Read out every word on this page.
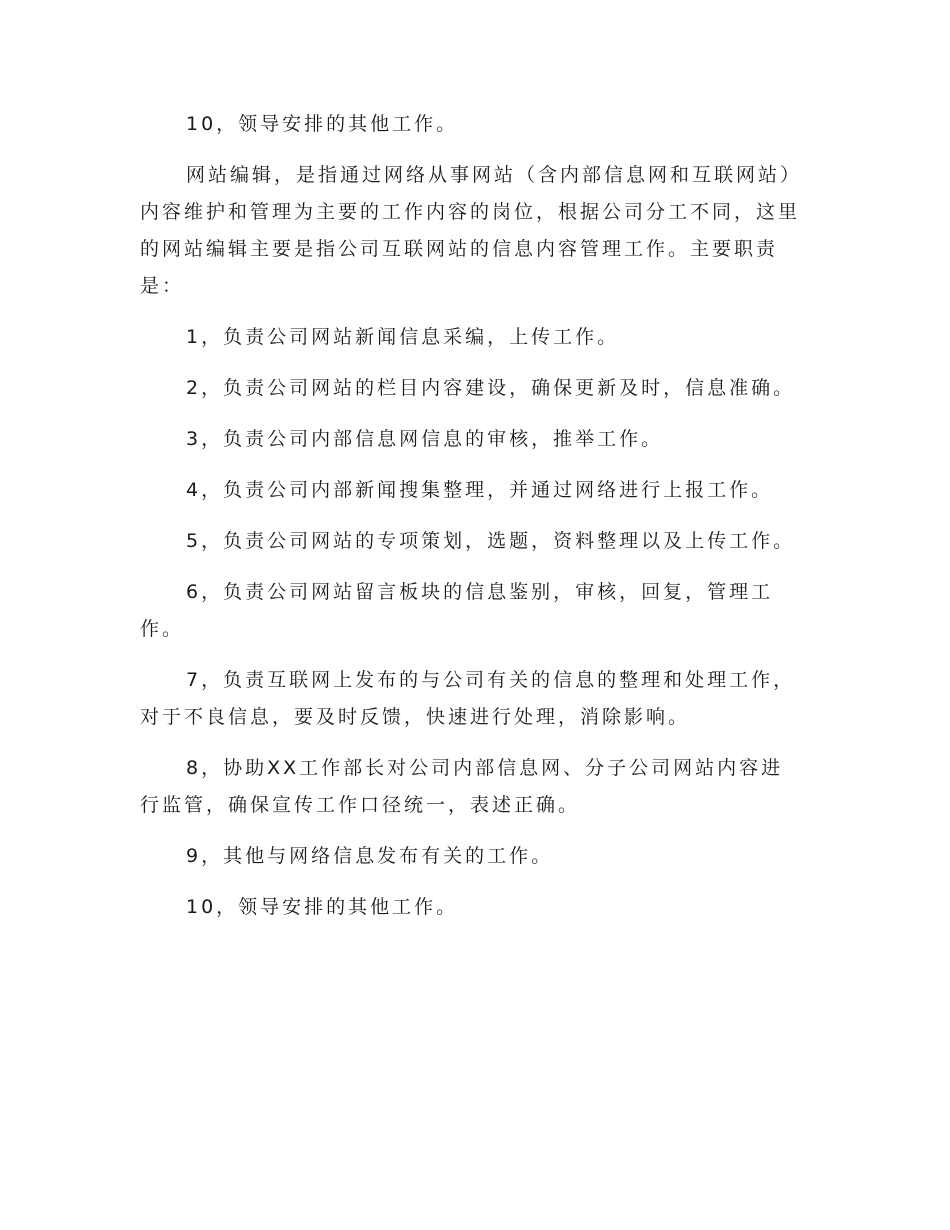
10，领导安排的其他工作。

网站编辑，是指通过网络从事网站（含内部信息网和互联网站）内容维护和管理为主要的工作内容的岗位，根据公司分工不同，这里的网站编辑主要是指公司互联网站的信息内容管理工作。主要职责是：

1，负责公司网站新闻信息采编，上传工作。

2，负责公司网站的栏目内容建设，确保更新及时，信息准确。

3，负责公司内部信息网信息的审核，推举工作。

4，负责公司内部新闻搜集整理，并通过网络进行上报工作。

5，负责公司网站的专项策划，选题，资料整理以及上传工作。

6，负责公司网站留言板块的信息鉴别，审核，回复，管理工作。

7，负责互联网上发布的与公司有关的信息的整理和处理工作，对于不良信息，要及时反馈，快速进行处理，消除影响。

8，协助XX工作部长对公司内部信息网、分子公司网站内容进行监管，确保宣传工作口径统一，表述正确。

9，其他与网络信息发布有关的工作。

10，领导安排的其他工作。
